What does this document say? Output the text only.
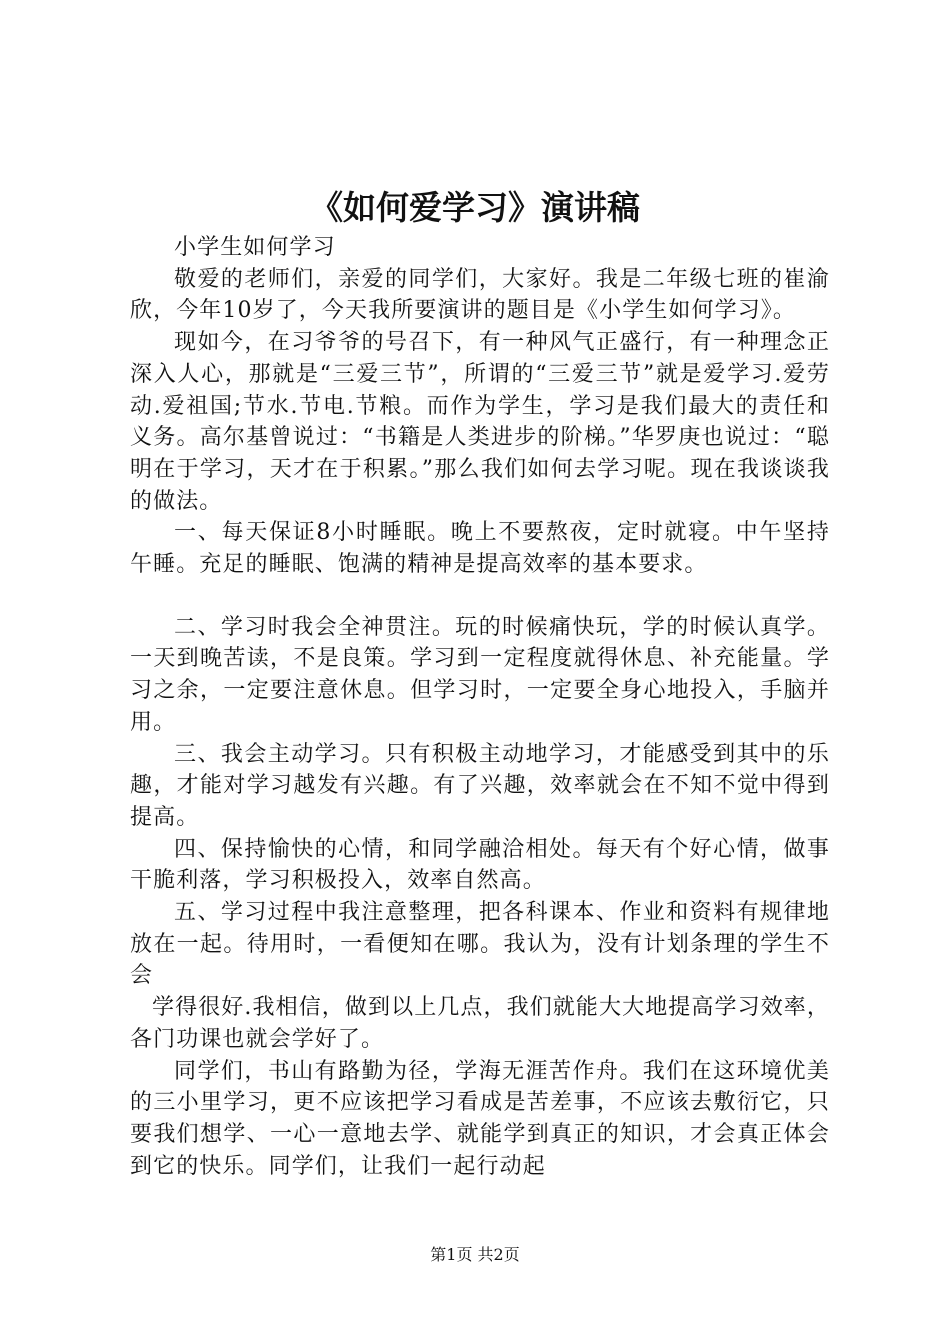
《如何爱学习》演讲稿

小学生如何学习

敬爱的老师们，亲爱的同学们，大家好。我是二年级七班的崔渝欣，今年10岁了，今天我所要演讲的题目是《小学生如何学习》。

现如今，在习爷爷的号召下，有一种风气正盛行，有一种理念正深入人心，那就是“三爱三节”，所谓的“三爱三节”就是爱学习.爱劳动.爱祖国;节水.节电.节粮。而作为学生，学习是我们最大的责任和义务。高尔基曾说过：“书籍是人类进步的阶梯。”华罗庚也说过：“聪明在于学习，天才在于积累。”那么我们如何去学习呢。现在我谈谈我的做法。

一、每天保证8小时睡眠。晚上不要熬夜，定时就寝。中午坚持午睡。充足的睡眠、饱满的精神是提高效率的基本要求。

二、学习时我会全神贯注。玩的时候痛快玩，学的时候认真学。一天到晚苦读，不是良策。学习到一定程度就得休息、补充能量。学习之余，一定要注意休息。但学习时，一定要全身心地投入，手脑并用。

三、我会主动学习。只有积极主动地学习，才能感受到其中的乐趣，才能对学习越发有兴趣。有了兴趣，效率就会在不知不觉中得到提高。

四、保持愉快的心情，和同学融洽相处。每天有个好心情，做事干脆利落，学习积极投入，效率自然高。

五、学习过程中我注意整理，把各科课本、作业和资料有规律地放在一起。待用时，一看便知在哪。我认为，没有计划条理的学生不会

学得很好.我相信，做到以上几点，我们就能大大地提高学习效率，各门功课也就会学好了。

同学们，书山有路勤为径，学海无涯苦作舟。我们在这环境优美的三小里学习，更不应该把学习看成是苦差事，不应该去敷衍它，只要我们想学、一心一意地去学、就能学到真正的知识，才会真正体会到它的快乐。同学们，让我们一起行动起

第1页 共2页
